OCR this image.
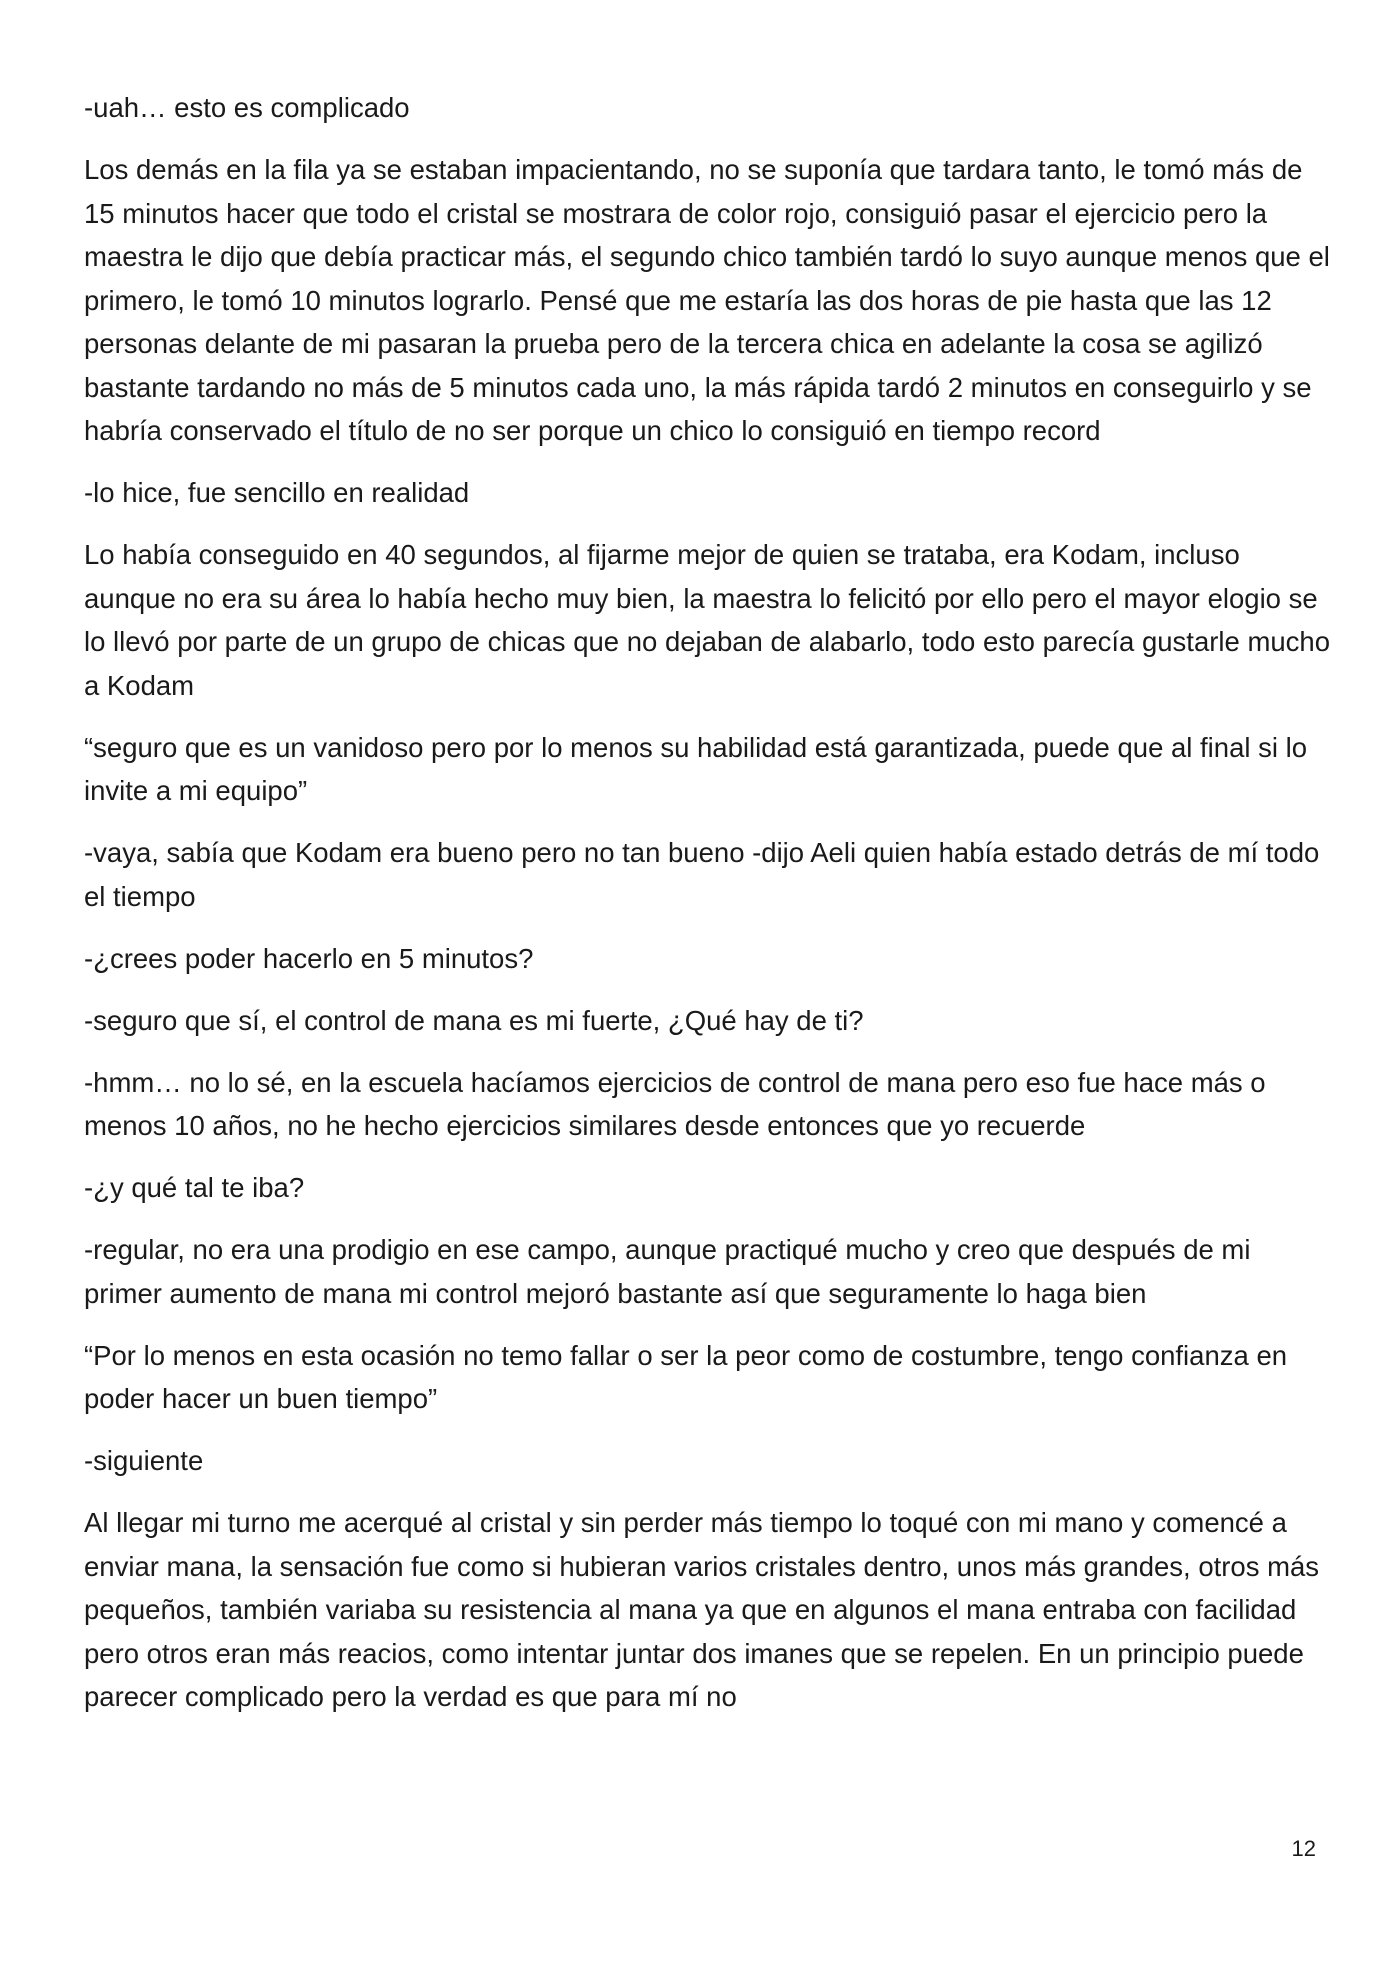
-uah… esto es complicado

Los demás en la fila ya se estaban impacientando, no se suponía que tardara tanto, le tomó más de 15 minutos hacer que todo el cristal se mostrara de color rojo, consiguió pasar el ejercicio pero la maestra le dijo que debía practicar más, el segundo chico también tardó lo suyo aunque menos que el primero, le tomó 10 minutos lograrlo. Pensé que me estaría las dos horas de pie hasta que las 12 personas delante de mi pasaran la prueba pero de la tercera chica en adelante la cosa se agilizó bastante tardando no más de 5 minutos cada uno, la más rápida tardó 2 minutos en conseguirlo y se habría conservado el título de no ser porque un chico lo consiguió en tiempo record

-lo hice, fue sencillo en realidad

Lo había conseguido en 40 segundos, al fijarme mejor de quien se trataba, era Kodam, incluso aunque no era su área lo había hecho muy bien, la maestra lo felicitó por ello pero el mayor elogio se lo llevó por parte de un grupo de chicas que no dejaban de alabarlo, todo esto parecía gustarle mucho a Kodam

“seguro que es un vanidoso pero por lo menos su habilidad está garantizada, puede que al final si lo invite a mi equipo”

-vaya, sabía que Kodam era bueno pero no tan bueno -dijo Aeli quien había estado detrás de mí todo el tiempo

-¿crees poder hacerlo en 5 minutos?

-seguro que sí, el control de mana es mi fuerte, ¿Qué hay de ti?

-hmm… no lo sé, en la escuela hacíamos ejercicios de control de mana pero eso fue hace más o menos 10 años, no he hecho ejercicios similares desde entonces que yo recuerde

-¿y qué tal te iba?

-regular, no era una prodigio en ese campo, aunque practiqué mucho y creo que después de mi primer aumento de mana mi control mejoró bastante así que seguramente lo haga bien

“Por lo menos en esta ocasión no temo fallar o ser la peor como de costumbre, tengo confianza en poder hacer un buen tiempo”

-siguiente

Al llegar mi turno me acerqué al cristal y sin perder más tiempo lo toqué con mi mano y comencé a enviar mana, la sensación fue como si hubieran varios cristales dentro, unos más grandes, otros más pequeños, también variaba su resistencia al mana ya que en algunos el mana entraba con facilidad pero otros eran más reacios, como intentar juntar dos imanes que se repelen. En un principio puede parecer complicado pero la verdad es que para mí no

12
